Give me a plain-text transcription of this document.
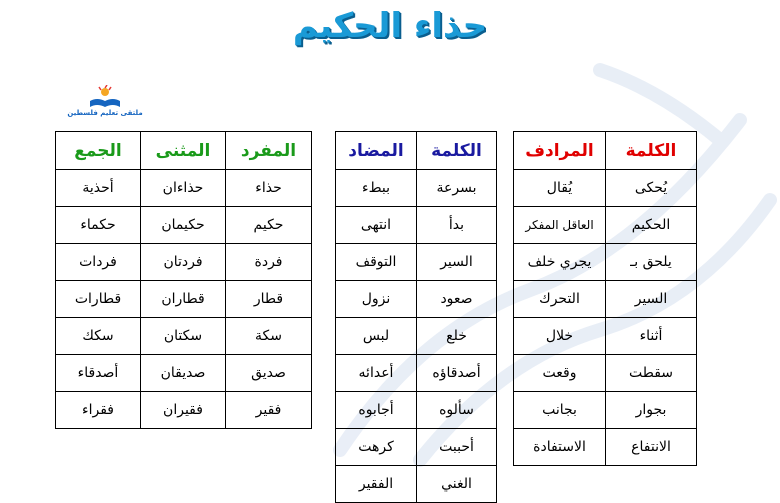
حذاء الحكيم
ملتقى تعليم فلسطين
الكلمة	المرادف
يُحكى	يُقال
الحكيم	العاقل المفكر
يلحق بـ	يجري خلف
السير	التحرك
أثناء	خلال
سقطت	وقعت
بجوار	بجانب
الانتفاع	الاستفادة
الكلمة	المضاد
بسرعة	ببطء
بدأ	انتهى
السير	التوقف
صعود	نزول
خلع	لبس
أصدقاؤه	أعدائه
سألوه	أجابوه
أحببت	كرهت
الغني	الفقير
المفرد	المثنى	الجمع
حذاء	حذاءان	أحذية
حكيم	حكيمان	حكماء
فردة	فردتان	فردات
قطار	قطاران	قطارات
سكة	سكتان	سكك
صديق	صديقان	أصدقاء
فقير	فقيران	فقراء
